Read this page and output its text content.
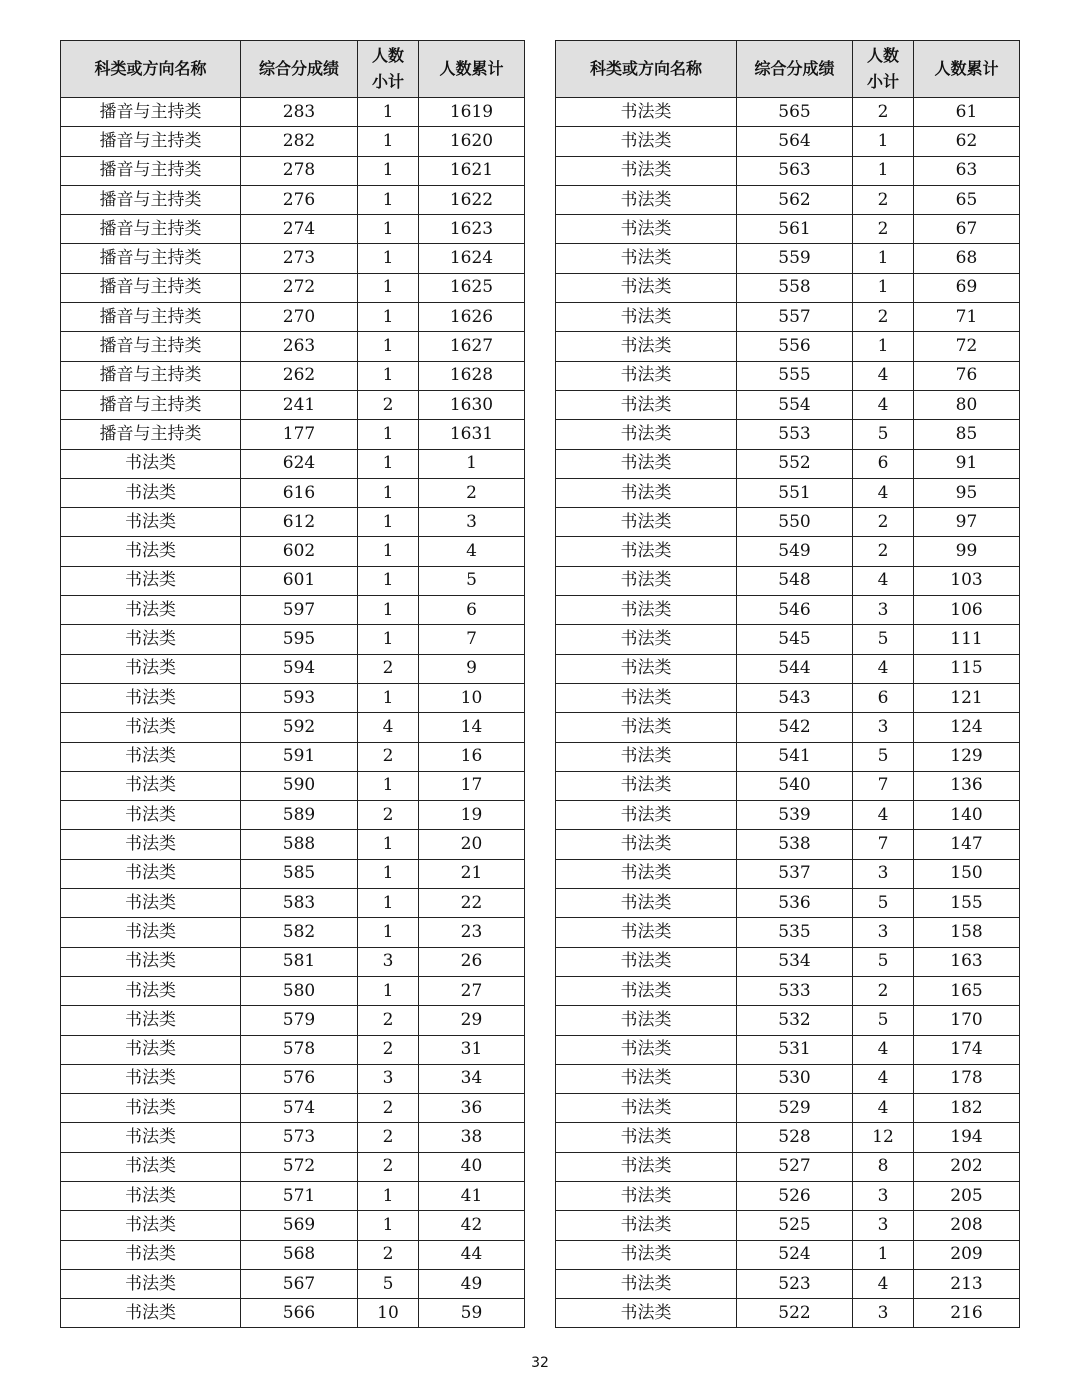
科类或方向名称	综合分成绩	人数小计	人数累计
播音与主持类	283	1	1619
播音与主持类	282	1	1620
播音与主持类	278	1	1621
播音与主持类	276	1	1622
播音与主持类	274	1	1623
播音与主持类	273	1	1624
播音与主持类	272	1	1625
播音与主持类	270	1	1626
播音与主持类	263	1	1627
播音与主持类	262	1	1628
播音与主持类	241	2	1630
播音与主持类	177	1	1631
书法类	624	1	1
书法类	616	1	2
书法类	612	1	3
书法类	602	1	4
书法类	601	1	5
书法类	597	1	6
书法类	595	1	7
书法类	594	2	9
书法类	593	1	10
书法类	592	4	14
书法类	591	2	16
书法类	590	1	17
书法类	589	2	19
书法类	588	1	20
书法类	585	1	21
书法类	583	1	22
书法类	582	1	23
书法类	581	3	26
书法类	580	1	27
书法类	579	2	29
书法类	578	2	31
书法类	576	3	34
书法类	574	2	36
书法类	573	2	38
书法类	572	2	40
书法类	571	1	41
书法类	569	1	42
书法类	568	2	44
书法类	567	5	49
书法类	566	10	59
科类或方向名称	综合分成绩	人数小计	人数累计
书法类	565	2	61
书法类	564	1	62
书法类	563	1	63
书法类	562	2	65
书法类	561	2	67
书法类	559	1	68
书法类	558	1	69
书法类	557	2	71
书法类	556	1	72
书法类	555	4	76
书法类	554	4	80
书法类	553	5	85
书法类	552	6	91
书法类	551	4	95
书法类	550	2	97
书法类	549	2	99
书法类	548	4	103
书法类	546	3	106
书法类	545	5	111
书法类	544	4	115
书法类	543	6	121
书法类	542	3	124
书法类	541	5	129
书法类	540	7	136
书法类	539	4	140
书法类	538	7	147
书法类	537	3	150
书法类	536	5	155
书法类	535	3	158
书法类	534	5	163
书法类	533	2	165
书法类	532	5	170
书法类	531	4	174
书法类	530	4	178
书法类	529	4	182
书法类	528	12	194
书法类	527	8	202
书法类	526	3	205
书法类	525	3	208
书法类	524	1	209
书法类	523	4	213
书法类	522	3	216
32
